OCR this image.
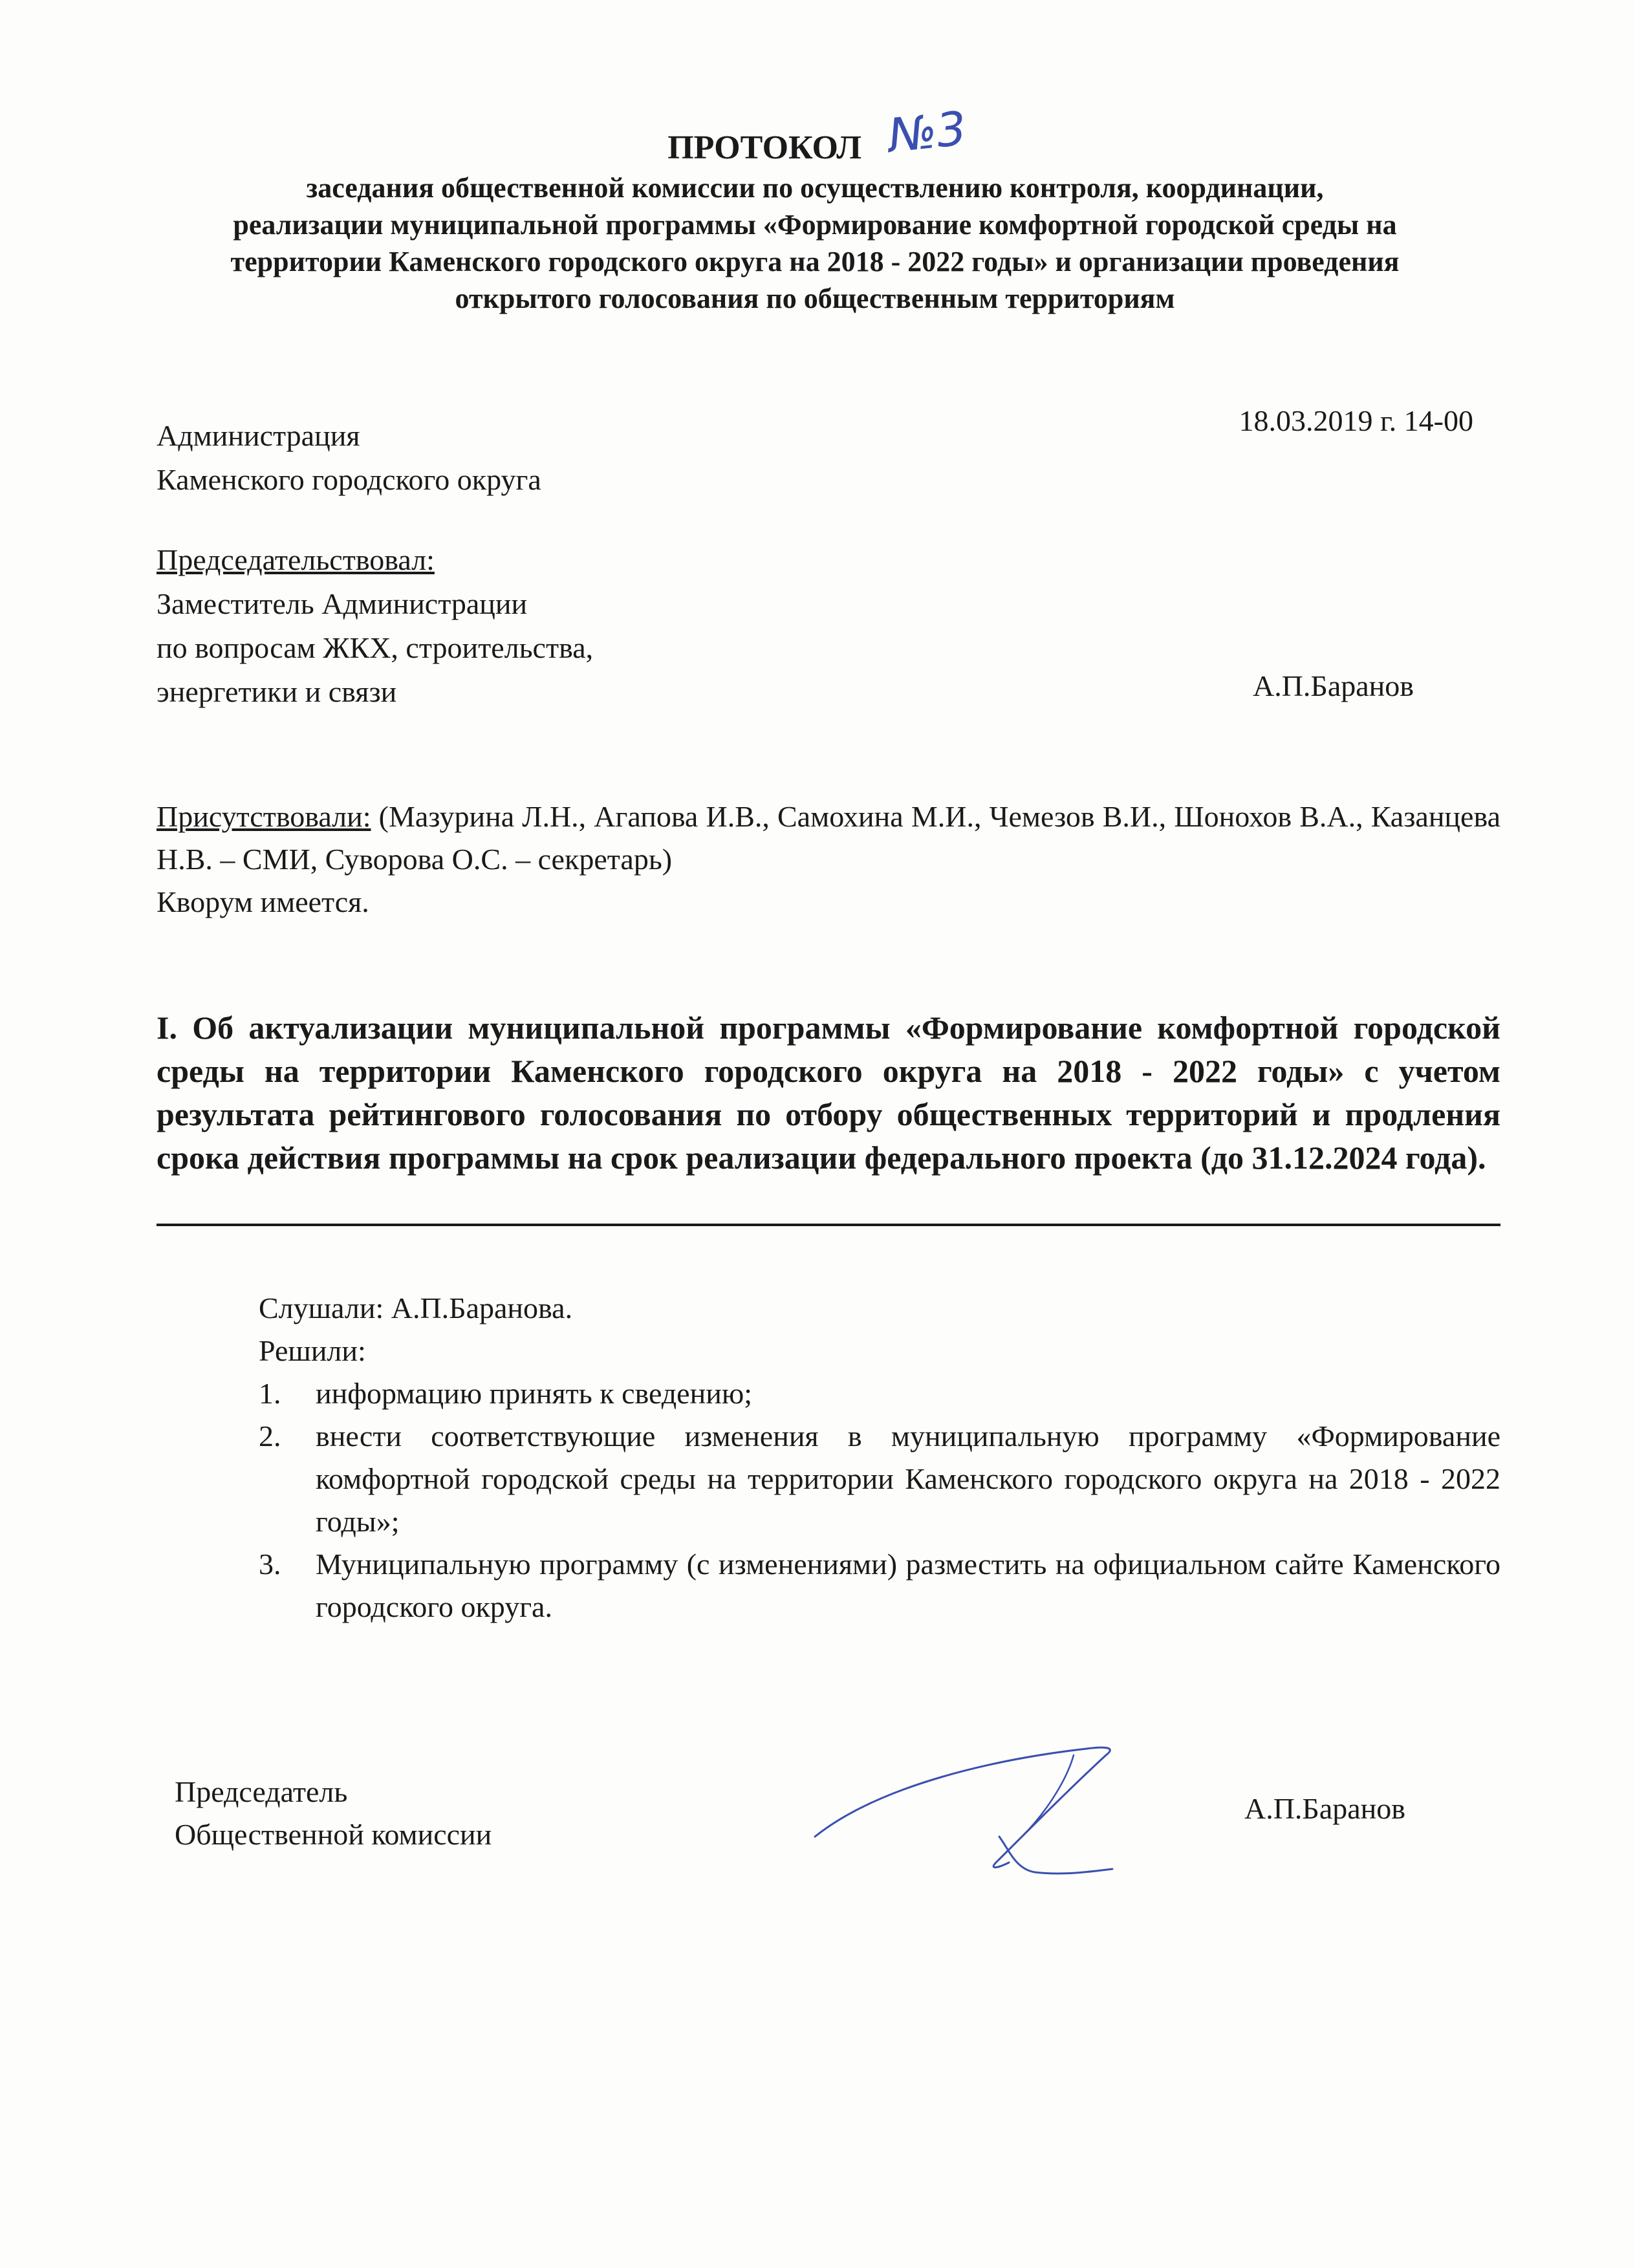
ПРОТОКОЛ №3
заседания общественной комиссии по осуществлению контроля, координации,
реализации муниципальной программы «Формирование комфортной городской среды на
территории Каменского городского округа на 2018 - 2022 годы» и организации проведения
открытого голосования по общественным территориям
Администрация
Каменского городского округа
18.03.2019 г. 14-00
Председательствовал:
Заместитель Администрации
по вопросам ЖКХ, строительства,
энергетики и связи	А.П.Баранов
Присутствовали: (Мазурина Л.Н., Агапова И.В., Самохина М.И., Чемезов В.И., Шонохов В.А., Казанцева Н.В. – СМИ, Суворова О.С. – секретарь)
Кворум имеется.
I. Об актуализации муниципальной программы «Формирование комфортной городской среды на территории Каменского городского округа на 2018 - 2022 годы» с учетом результата рейтингового голосования по отбору общественных территорий и продления срока действия программы на срок реализации федерального проекта (до 31.12.2024 года).
Слушали: А.П.Баранова.
Решили:
1. информацию принять к сведению;
2. внести соответствующие изменения в муниципальную программу «Формирование комфортной городской среды на территории Каменского городского округа на 2018 - 2022 годы»;
3. Муниципальную программу (с изменениями) разместить на официальном сайте Каменского городского округа.
Председатель
Общественной комиссии
А.П.Баранов
